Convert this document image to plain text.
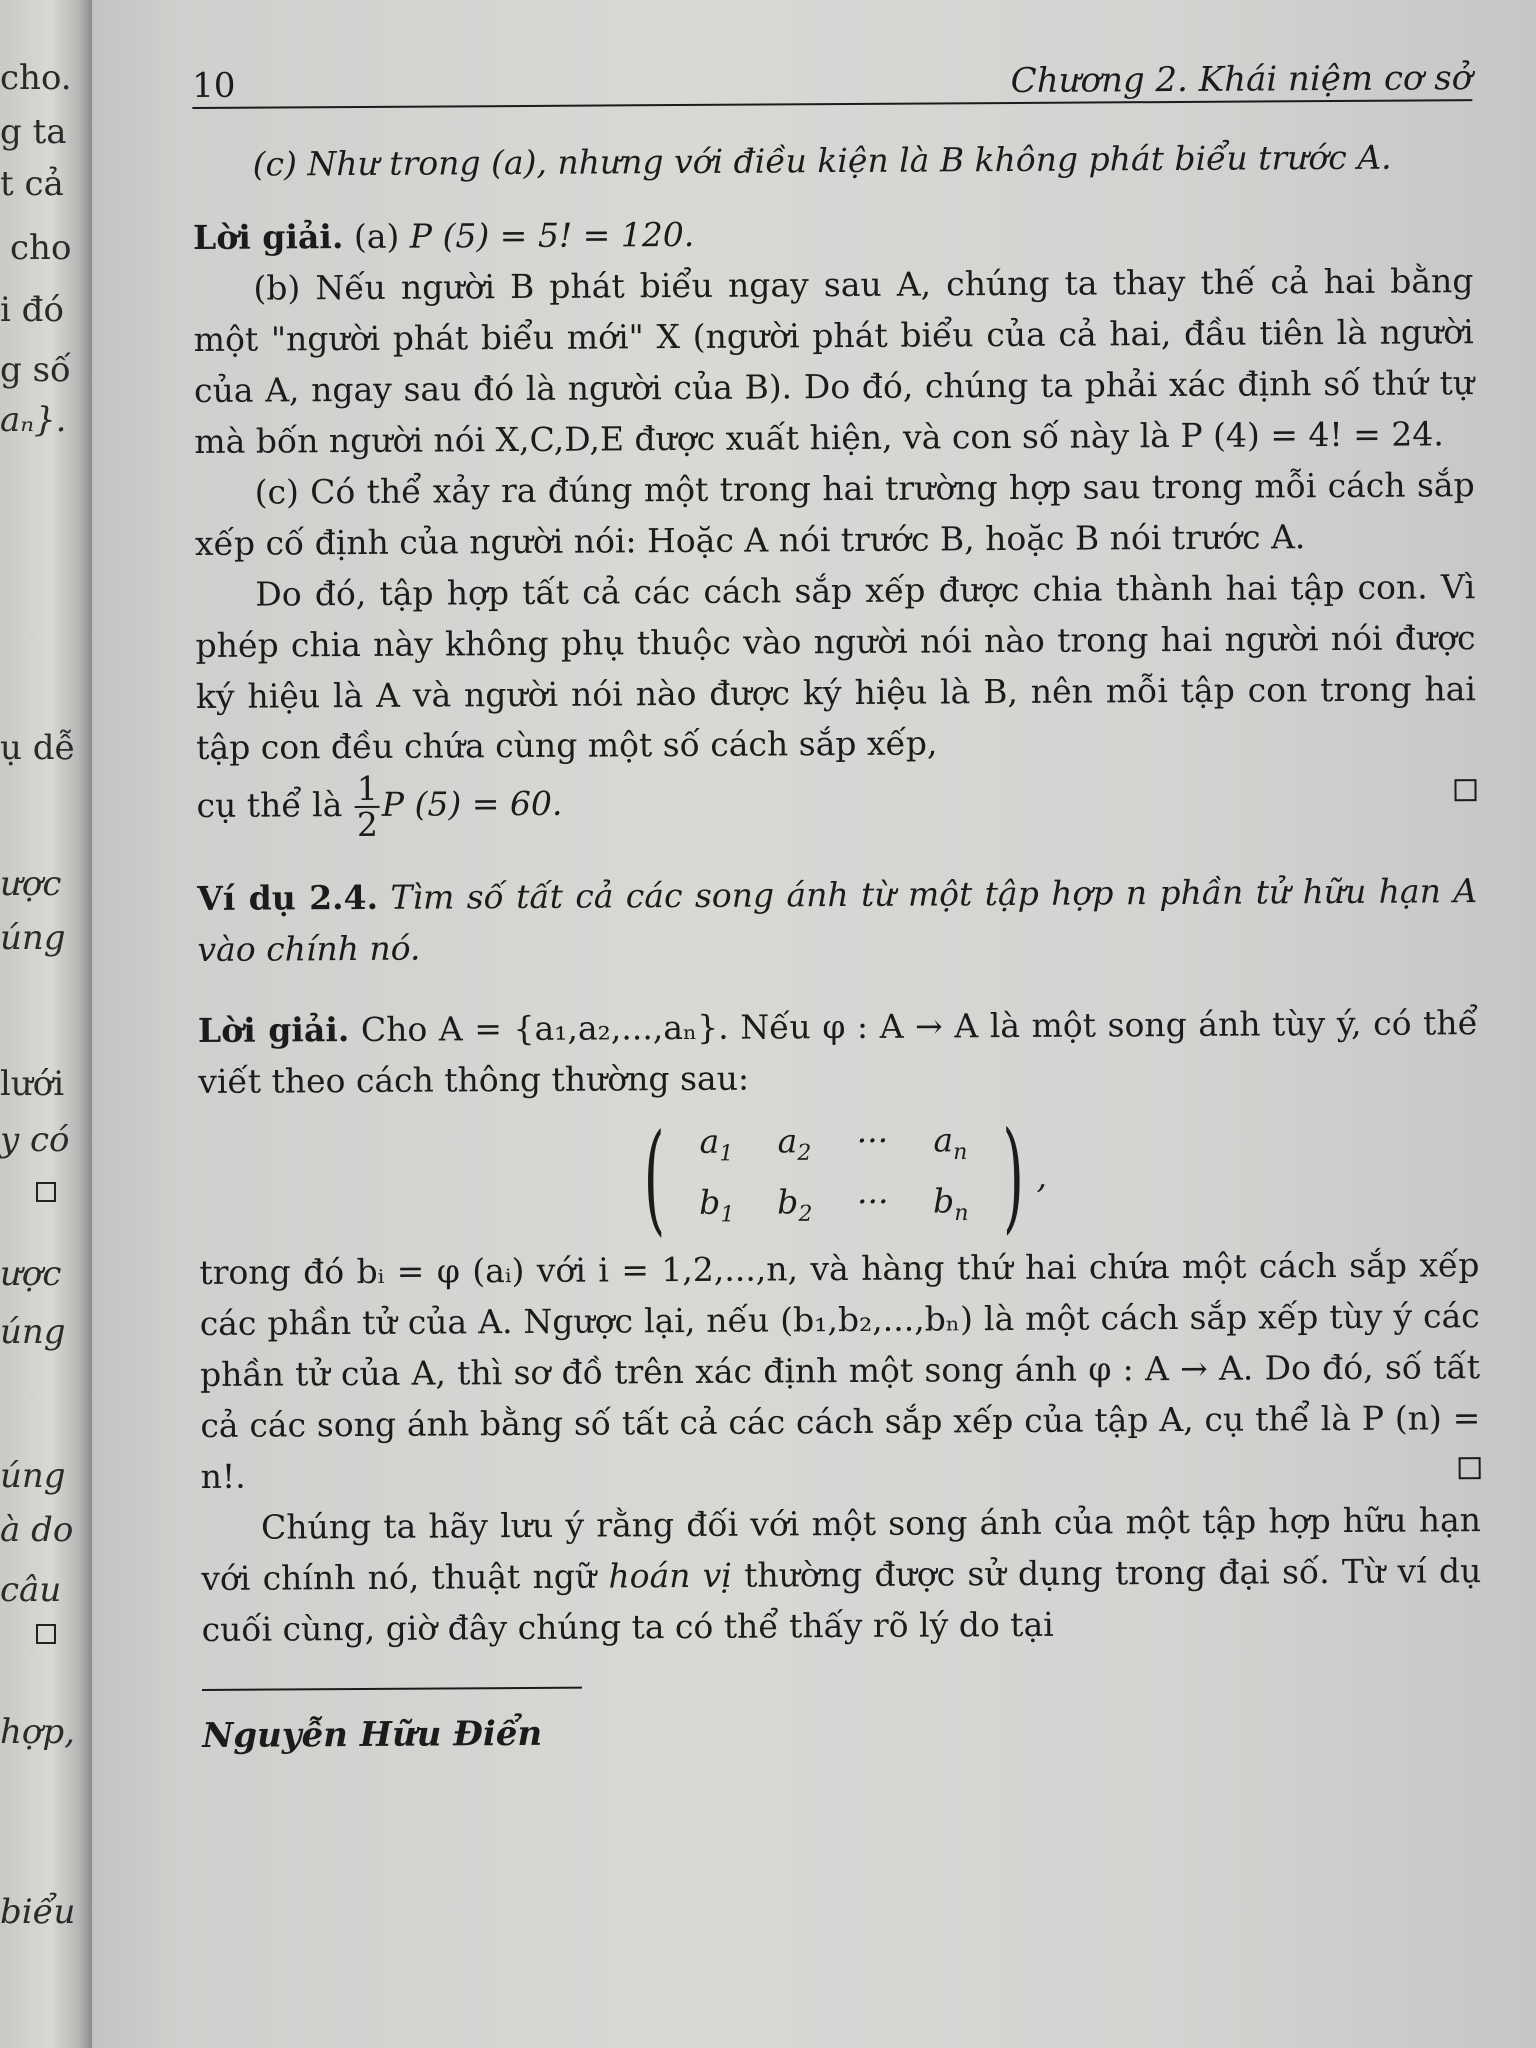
cho.
g ta
t cả
cho
i đó
g số
aₙ}.
ụ dễ
ược
úng
lưới
y có
ược
úng
úng
à do
câu
hợp,
biểu
10	Chương 2. Khái niệm cơ sở

(c) Như trong (a), nhưng với điều kiện là B không phát biểu trước A.

Lời giải. (a) P (5) = 5! = 120.

(b) Nếu người B phát biểu ngay sau A, chúng ta thay thế cả hai bằng một "người phát biểu mới" X (người phát biểu của cả hai, đầu tiên là người của A, ngay sau đó là người của B). Do đó, chúng ta phải xác định số thứ tự mà bốn người nói X,C,D,E được xuất hiện, và con số này là P (4) = 4! = 24.

(c) Có thể xảy ra đúng một trong hai trường hợp sau trong mỗi cách sắp xếp cố định của người nói: Hoặc A nói trước B, hoặc B nói trước A.

Do đó, tập hợp tất cả các cách sắp xếp được chia thành hai tập con. Vì phép chia này không phụ thuộc vào người nói nào trong hai người nói được ký hiệu là A và người nói nào được ký hiệu là B, nên mỗi tập con trong hai tập con đều chứa cùng một số cách sắp xếp,

cụ thể là $\frac{1}{2}$ P (5) = 60.

Ví dụ 2.4. Tìm số tất cả các song ánh từ một tập hợp n phần tử hữu hạn A vào chính nó.

Lời giải. Cho A = {a₁,a₂,...,aₙ}. Nếu φ : A → A là một song ánh tùy ý, có thể viết theo cách thông thường sau:

(	$a_1$	$a_2$	···	$a_n$
$b_1$	$b_2$	···	$b_n$ ) ,

trong đó bᵢ = φ (aᵢ) với i = 1,2,...,n, và hàng thứ hai chứa một cách sắp xếp các phần tử của A. Ngược lại, nếu (b₁,b₂,...,bₙ) là một cách sắp xếp tùy ý các phần tử của A, thì sơ đồ trên xác định một song ánh φ : A → A. Do đó, số tất cả các song ánh bằng số tất cả các cách sắp xếp của tập A, cụ thể là P (n) = n!.

Chúng ta hãy lưu ý rằng đối với một song ánh của một tập hợp hữu hạn với chính nó, thuật ngữ hoán vị thường được sử dụng trong đại số. Từ ví dụ cuối cùng, giờ đây chúng ta có thể thấy rõ lý do tại

Nguyễn Hữu Điển
